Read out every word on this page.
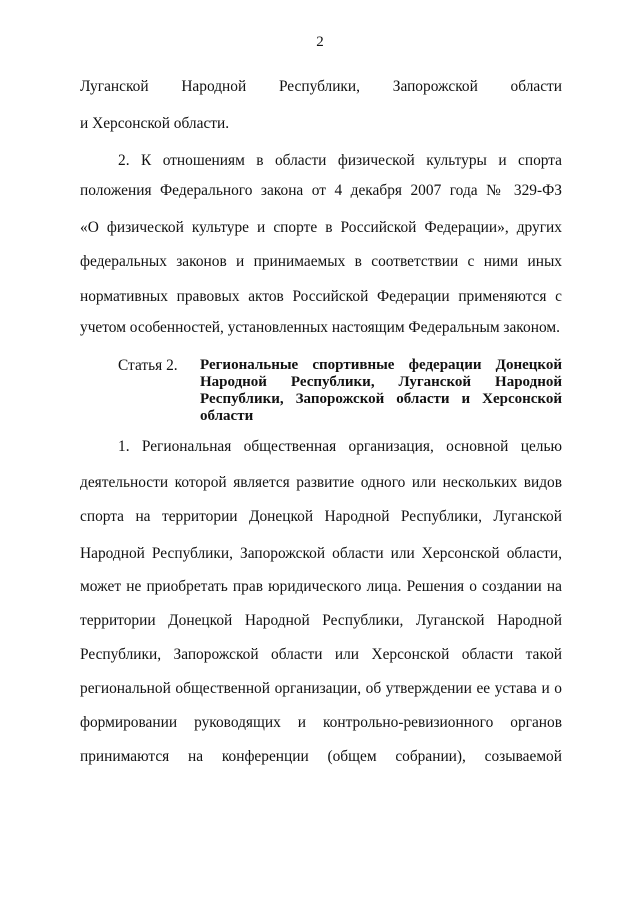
2
Луганской Народной Республики, Запорожской области
и Херсонской области.
2. К отношениям в области физической культуры и спорта
положения Федерального закона от 4 декабря 2007 года № 329-ФЗ
«О физической культуре и спорте в Российской Федерации», других
федеральных законов и принимаемых в соответствии с ними иных
нормативных правовых актов Российской Федерации применяются с
учетом особенностей, установленных настоящим Федеральным законом.
Статья 2. Региональные спортивные федерации Донецкой
Народной Республики, Луганской Народной
Республики, Запорожской области и Херсонской
области
1. Региональная общественная организация, основной целью
деятельности которой является развитие одного или нескольких видов
спорта на территории Донецкой Народной Республики, Луганской
Народной Республики, Запорожской области или Херсонской области,
может не приобретать прав юридического лица. Решения о создании на
территории Донецкой Народной Республики, Луганской Народной
Республики, Запорожской области или Херсонской области такой
региональной общественной организации, об утверждении ее устава и о
формировании руководящих и контрольно-ревизионного органов
принимаются на конференции (общем собрании), созываемой
